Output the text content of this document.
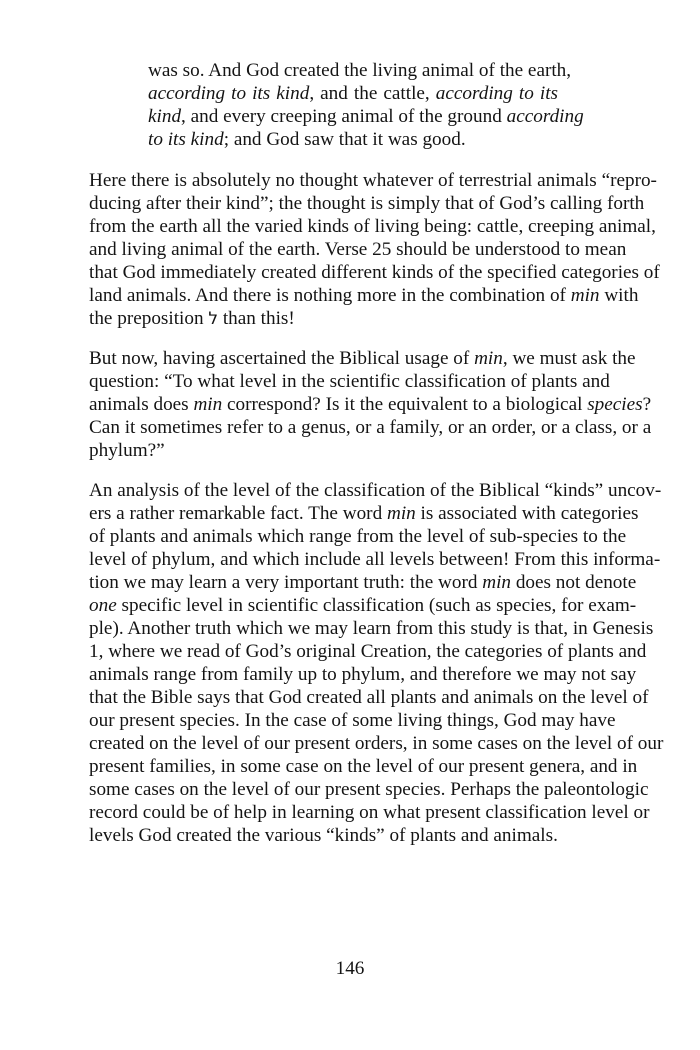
was so. And God created the living animal of the earth,
according to its kind, and the cattle, according to its
kind, and every creeping animal of the ground according
to its kind; and God saw that it was good.
Here there is absolutely no thought whatever of terrestrial animals “repro-
ducing after their kind”; the thought is simply that of God’s calling forth
from the earth all the varied kinds of living being: cattle, creeping animal,
and living animal of the earth. Verse 25 should be understood to mean
that God immediately created different kinds of the specified categories of
land animals. And there is nothing more in the combination of min with
the preposition ל than this!
But now, having ascertained the Biblical usage of min, we must ask the
question: “To what level in the scientific classification of plants and
animals does min correspond? Is it the equivalent to a biological species?
Can it sometimes refer to a genus, or a family, or an order, or a class, or a
phylum?”
An analysis of the level of the classification of the Biblical “kinds” uncov-
ers a rather remarkable fact. The word min is associated with categories
of plants and animals which range from the level of sub-species to the
level of phylum, and which include all levels between! From this informa-
tion we may learn a very important truth: the word min does not denote
one specific level in scientific classification (such as species, for exam-
ple). Another truth which we may learn from this study is that, in Genesis
1, where we read of God’s original Creation, the categories of plants and
animals range from family up to phylum, and therefore we may not say
that the Bible says that God created all plants and animals on the level of
our present species. In the case of some living things, God may have
created on the level of our present orders, in some cases on the level of our
present families, in some case on the level of our present genera, and in
some cases on the level of our present species. Perhaps the paleontologic
record could be of help in learning on what present classification level or
levels God created the various “kinds” of plants and animals.
146
